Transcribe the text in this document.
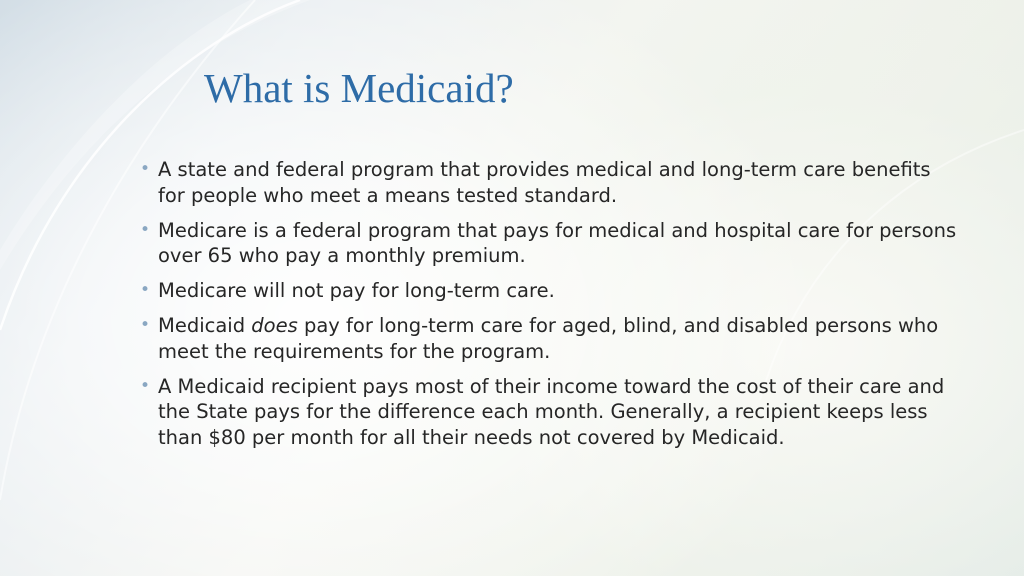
What is Medicaid?
• A state and federal program that provides medical and long-term care benefits for people who meet a means tested standard.
• Medicare is a federal program that pays for medical and hospital care for persons over 65 who pay a monthly premium.
• Medicare will not pay for long-term care.
• Medicaid does pay for long-term care for aged, blind, and disabled persons who meet the requirements for the program.
• A Medicaid recipient pays most of their income toward the cost of their care and the State pays for the difference each month. Generally, a recipient keeps less than $80 per month for all their needs not covered by Medicaid.
